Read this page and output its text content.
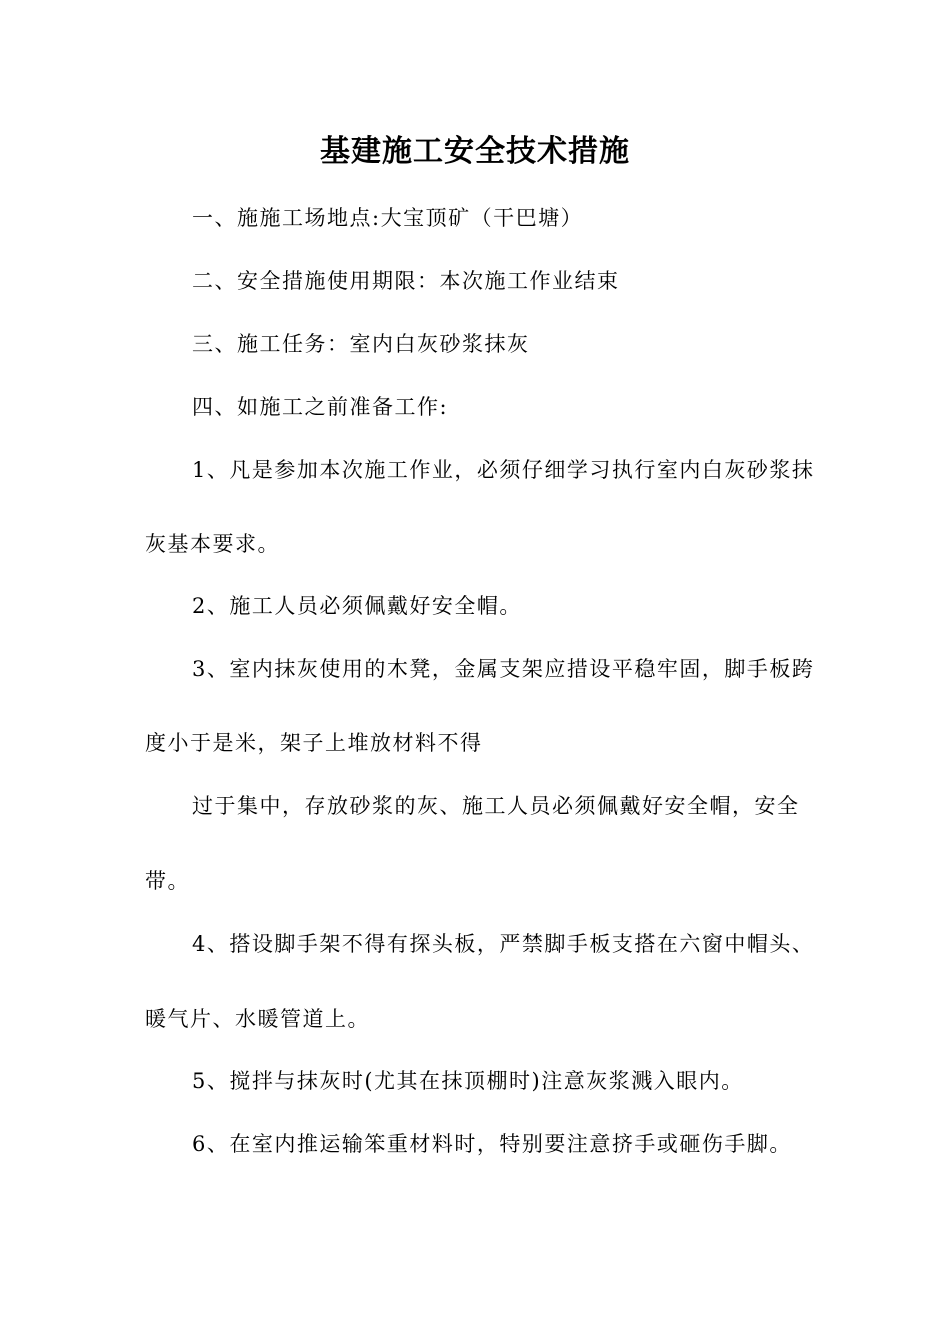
基建施工安全技术措施
一、施施工场地点:大宝顶矿（干巴塘）
二、安全措施使用期限：本次施工作业结束
三、施工任务：室内白灰砂浆抹灰
四、如施工之前准备工作:
1、凡是参加本次施工作业，必须仔细学习执行室内白灰砂浆抹
灰基本要求。
2、施工人员必须佩戴好安全帽。
3、室内抹灰使用的木凳，金属支架应措设平稳牢固，脚手板跨
度小于是米，架子上堆放材料不得
过于集中，存放砂浆的灰、施工人员必须佩戴好安全帽，安全
带。
4、搭设脚手架不得有探头板，严禁脚手板支搭在六窗中帽头、
暖气片、水暖管道上。
5、搅拌与抹灰时(尤其在抹顶棚时)注意灰浆溅入眼内。
6、在室内推运输笨重材料时，特别要注意挤手或砸伤手脚。
